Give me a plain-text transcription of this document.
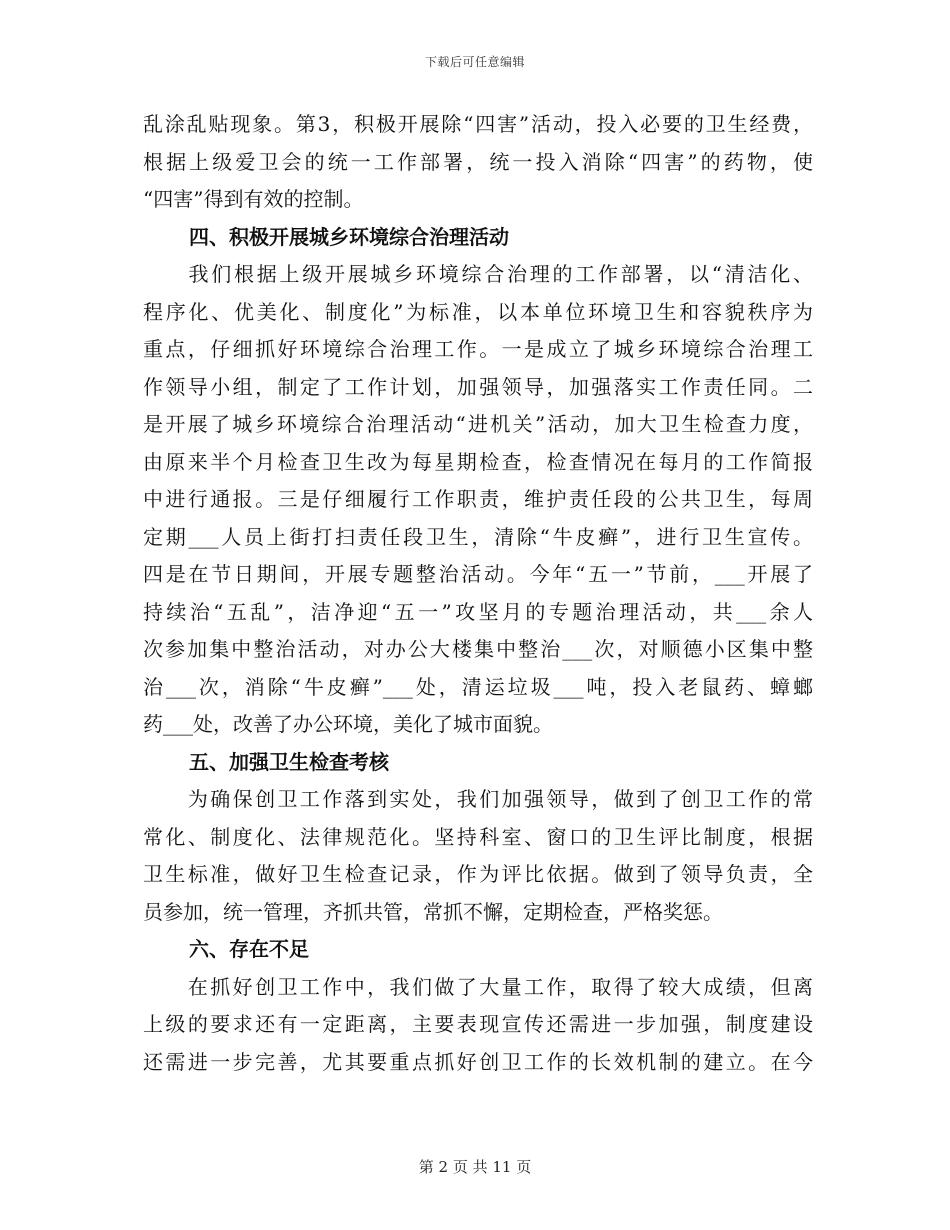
下载后可任意编辑
乱涂乱贴现象。第3，积极开展除“四害”活动，投入必要的卫生经费，
根据上级爱卫会的统一工作部署，统一投入消除“四害”的药物，使
“四害”得到有效的控制。
四、积极开展城乡环境综合治理活动
　　我们根据上级开展城乡环境综合治理的工作部署，以“清洁化、
程序化、优美化、制度化”为标准，以本单位环境卫生和容貌秩序为
重点，仔细抓好环境综合治理工作。一是成立了城乡环境综合治理工
作领导小组，制定了工作计划，加强领导，加强落实工作责任同。二
是开展了城乡环境综合治理活动“进机关”活动，加大卫生检查力度，
由原来半个月检查卫生改为每星期检查，检查情况在每月的工作简报
中进行通报。三是仔细履行工作职责，维护责任段的公共卫生，每周
定期___人员上街打扫责任段卫生，清除“牛皮癣”，进行卫生宣传。
四是在节日期间，开展专题整治活动。今年“五一”节前，___开展了
持续治“五乱”，洁净迎“五一”攻坚月的专题治理活动，共___余人
次参加集中整治活动，对办公大楼集中整治___次，对顺德小区集中整
治___次，消除“牛皮癣”___处，清运垃圾___吨，投入老鼠药、蟑螂
药___处，改善了办公环境，美化了城市面貌。
五、加强卫生检查考核
　　为确保创卫工作落到实处，我们加强领导，做到了创卫工作的常
常化、制度化、法律规范化。坚持科室、窗口的卫生评比制度，根据
卫生标准，做好卫生检查记录，作为评比依据。做到了领导负责，全
员参加，统一管理，齐抓共管，常抓不懈，定期检查，严格奖惩。
六、存在不足
　　在抓好创卫工作中，我们做了大量工作，取得了较大成绩，但离
上级的要求还有一定距离，主要表现宣传还需进一步加强，制度建设
还需进一步完善，尤其要重点抓好创卫工作的长效机制的建立。在今
第 2 页 共 11 页
